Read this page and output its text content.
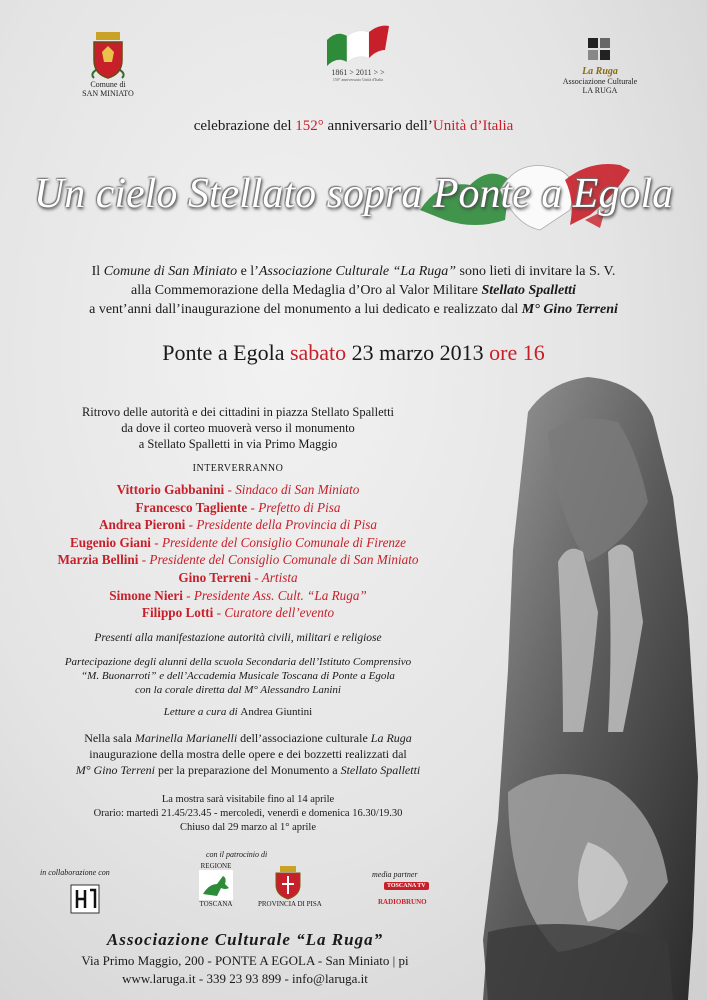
Comune di
SAN MINIATO
1861 > 2011 > >
150° anniversario Unità d'Italia
La Ruga
Associazione Culturale
LA RUGA
celebrazione del 152° anniversario dell’Unità d’Italia
Un cielo Stellato sopra Ponte a Egola
Il Comune di San Miniato e l’Associazione Culturale “La Ruga” sono lieti di invitare la S. V.
alla Commemorazione della Medaglia d’Oro al Valor Militare Stellato Spalletti
a vent’anni dall’inaugurazione del monumento a lui dedicato e realizzato dal M° Gino Terreni
Ponte a Egola sabato 23 marzo 2013 ore 16
Ritrovo delle autorità e dei cittadini in piazza Stellato Spalletti
da dove il corteo muoverà verso il monumento
a Stellato Spalletti in via Primo Maggio
INTERVERRANNO
Vittorio Gabbanini - Sindaco di San Miniato
Francesco Tagliente - Prefetto di Pisa
Andrea Pieroni - Presidente della Provincia di Pisa
Eugenio Giani - Presidente del Consiglio Comunale di Firenze
Marzia Bellini - Presidente del Consiglio Comunale di San Miniato
Gino Terreni - Artista
Simone Nieri - Presidente Ass. Cult. “La Ruga”
Filippo Lotti - Curatore dell’evento
Presenti alla manifestazione autorità civili, militari e religiose
Partecipazione degli alunni della scuola Secondaria dell’Istituto Comprensivo
“M. Buonarroti” e dell’Accademia Musicale Toscana di Ponte a Egola
con la corale diretta dal M° Alessandro Lanini
Letture a cura di Andrea Giuntini
Nella sala Marinella Marianelli dell’associazione culturale La Ruga
inaugurazione della mostra delle opere e dei bozzetti realizzati dal
M° Gino Terreni per la preparazione del Monumento a Stellato Spalletti
La mostra sarà visitabile fino al 14 aprile
Orario: martedì 21.45/23.45 - mercoledì, venerdì e domenica 16.30/19.30
Chiuso dal 29 marzo al 1° aprile
in collaborazione con
con il patrocinio di
REGIONE
TOSCANA	PROVINCIA DI PISA
media partner
TOSCANA TV
RADIOBRUNO
Associazione Culturale “La Ruga”
Via Primo Maggio, 200 - PONTE A EGOLA - San Miniato | pi
www.laruga.it - 339 23 93 899 - info@laruga.it
